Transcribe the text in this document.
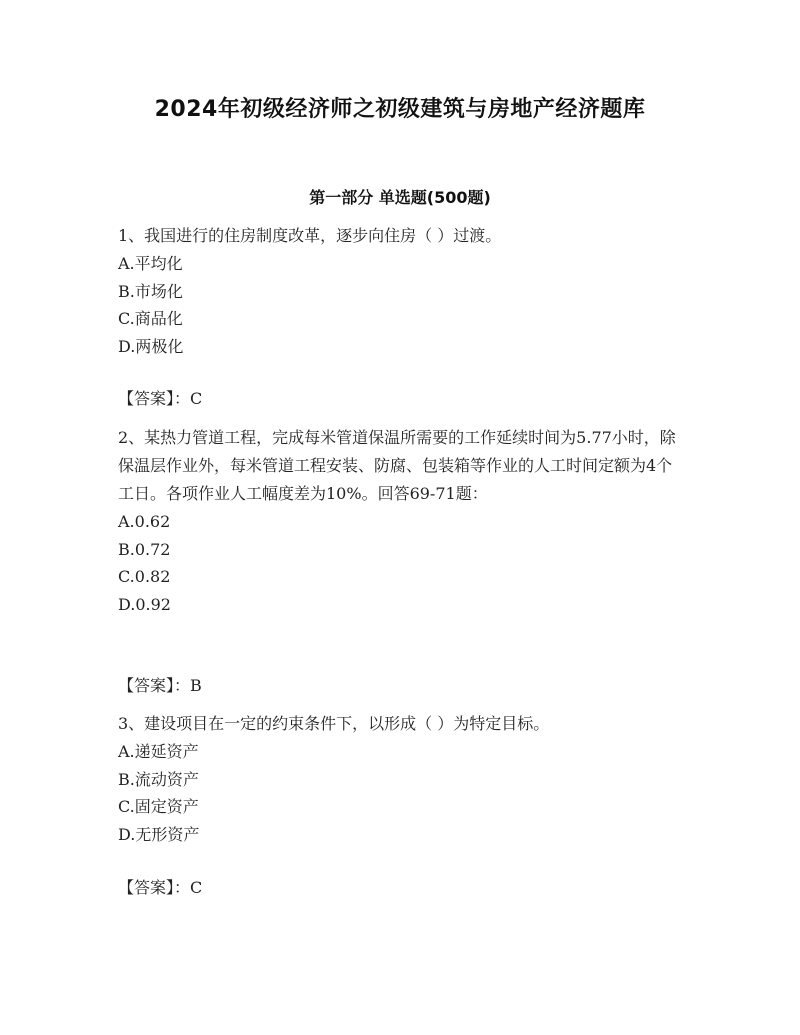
2024年初级经济师之初级建筑与房地产经济题库
第一部分 单选题(500题)

1、我国进行的住房制度改革，逐步向住房（ ）过渡。

A.平均化

B.市场化

C.商品化

D.两极化

【答案】：C

2、某热力管道工程，完成每米管道保温所需要的工作延续时间为5.77小时，除保温层作业外，每米管道工程安装、防腐、包装箱等作业的人工时间定额为4个工日。各项作业人工幅度差为10%。回答69-71题：

A.0.62

B.0.72

C.0.82

D.0.92

【答案】：B

3、建设项目在一定的约束条件下，以形成（ ）为特定目标。

A.递延资产

B.流动资产

C.固定资产

D.无形资产

【答案】：C
